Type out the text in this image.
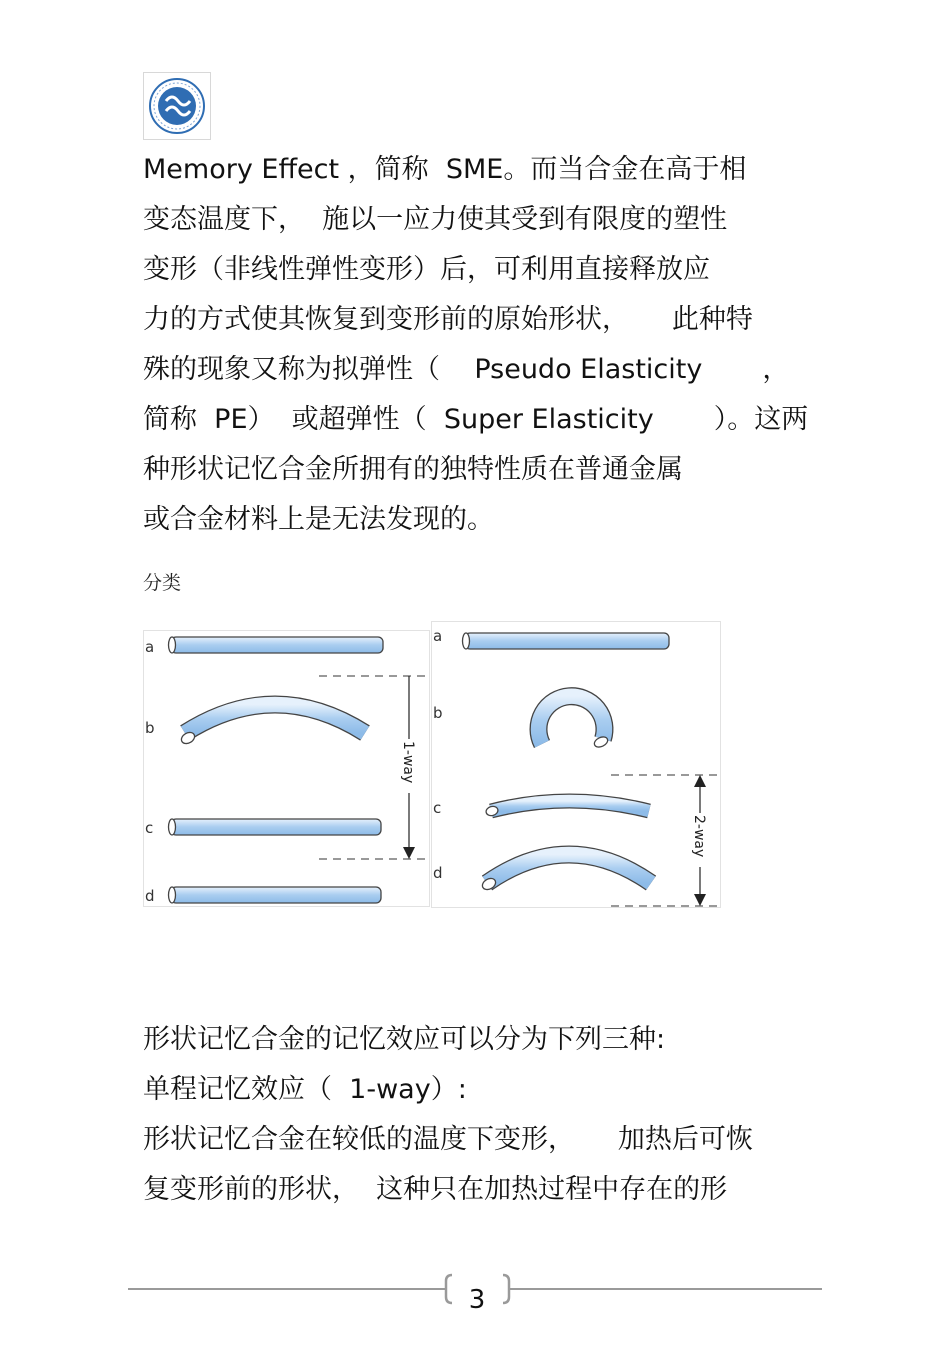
Memory Effect ，简称  SME。而当合金在高于相
变态温度下，  施以一应力使其受到有限度的塑性
变形（非线性弹性变形）后，可利用直接释放应
力的方式使其恢复到变形前的原始形状，     此种特
殊的现象又称为拟弹性（    Pseudo Elasticity       ，
简称  PE）  或超弹性（  Super Elasticity       ）。这两
种形状记忆合金所拥有的独特性质在普通金属
或合金材料上是无法发现的。
分类
a
b
c
d
1-way
a
b
c
d
2-way
形状记忆合金的记忆效应可以分为下列三种:
单程记忆效应（  1-way）:
形状记忆合金在较低的温度下变形，     加热后可恢
复变形前的形状，  这种只在加热过程中存在的形
3
